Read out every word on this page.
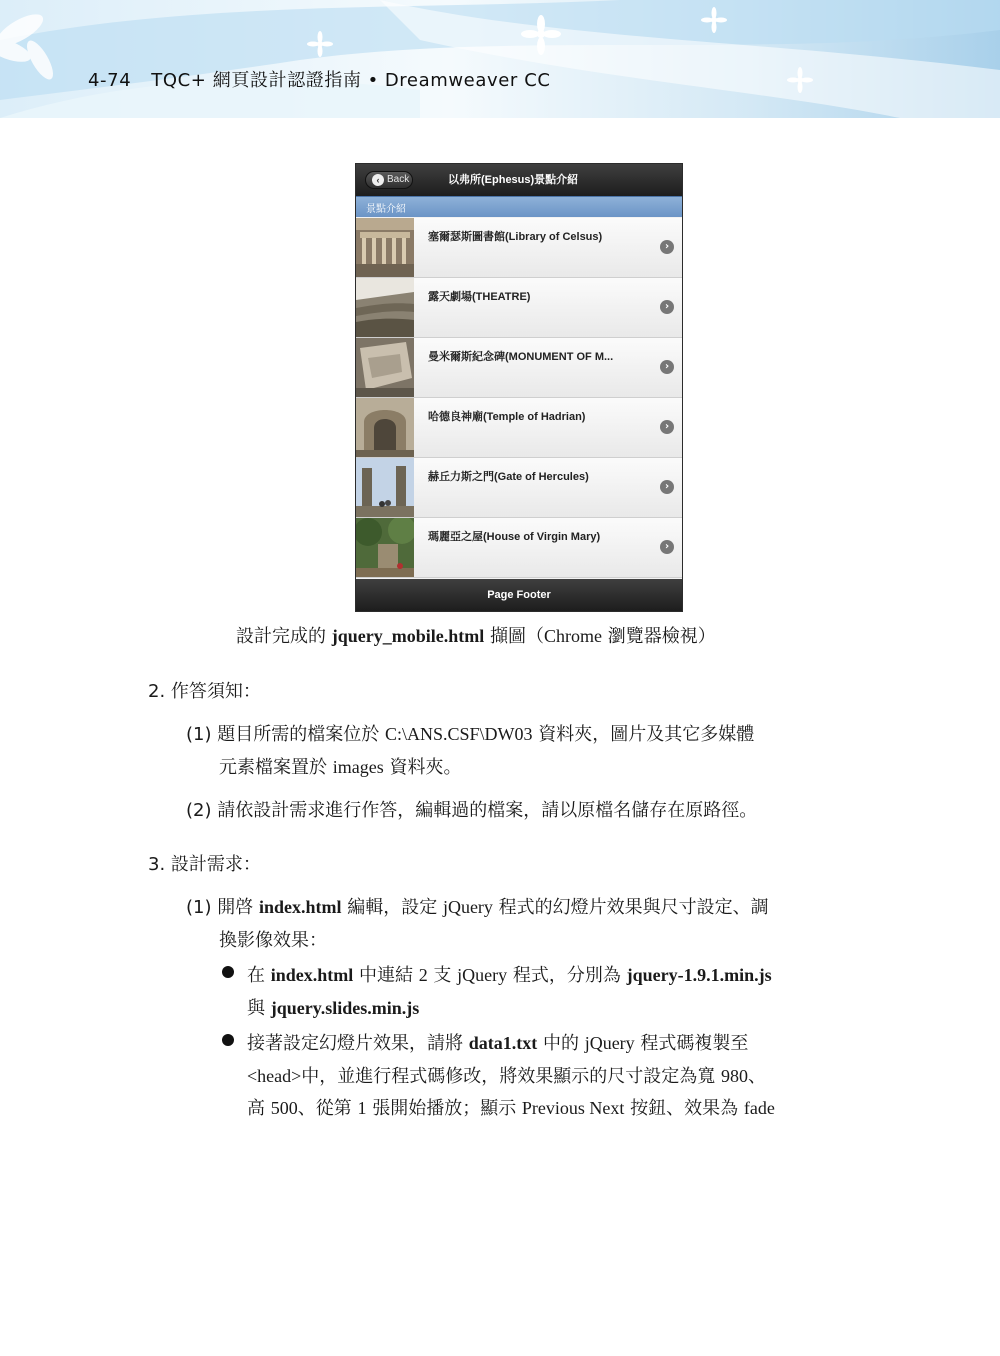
4-74 TQC+ 網頁設計認證指南 • Dreamweaver CC
‹ Back	以弗所(Ephesus)景點介紹
景點介紹
塞爾瑟斯圖書館(Library of Celsus)
›
露天劇場(THEATRE)
›
曼米爾斯紀念碑(MONUMENT OF M...
›
哈德良神廟(Temple of Hadrian)
›
赫丘力斯之門(Gate of Hercules)
›
瑪麗亞之屋(House of Virgin Mary)
›
Page Footer
設計完成的 jquery_mobile.html 擷圖（Chrome 瀏覽器檢視）
2. 作答須知：
(1) 題目所需的檔案位於 C:\ANS.CSF\DW03 資料夾，圖片及其它多媒體
元素檔案置於 images 資料夾。
(2) 請依設計需求進行作答，編輯過的檔案，請以原檔名儲存在原路徑。
3. 設計需求：
(1) 開啓 index.html 編輯，設定 jQuery 程式的幻燈片效果與尺寸設定、調
換影像效果：
在 index.html 中連結 2 支 jQuery 程式，分別為 jquery-1.9.1.min.js
與 jquery.slides.min.js
接著設定幻燈片效果，請將 data1.txt 中的 jQuery 程式碼複製至
<head>中，並進行程式碼修改，將效果顯示的尺寸設定為寬 980、
高 500、從第 1 張開始播放；顯示 Previous Next 按鈕、效果為 fade
